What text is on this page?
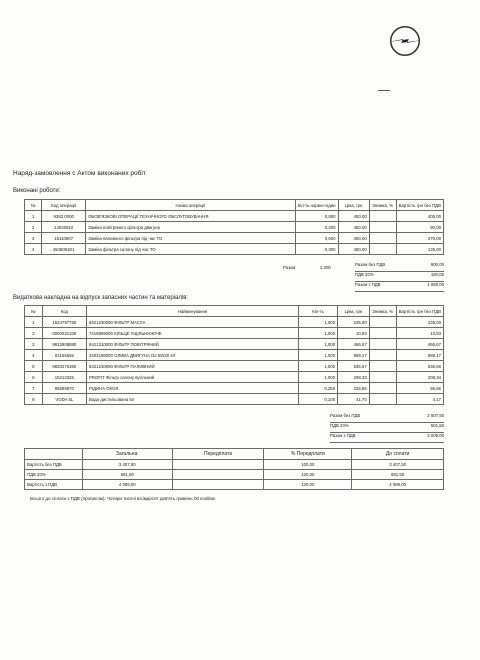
Наряд-замовлення с Актом виконаних робіт
Виконані роботи:
№	Код операції	Назва операції	Кіл-ть нормо-годин	Ціна, грн	Знижка, %	Вартість грн без ПДВ
1	9383 0000	ОБОВ'ЯЗКОВІ ОПЕРАЦІЇ ТЕХНІЧНОГО ОБСЛУГОВУВАННЯ	0,900	450,00		405,00
2	14030910	Заміна повітряного фільтра двигуна	0,200	450,00		90,00
3	15110907	Заміна паливного фільтра під час ТО	0,600	450,00		270,00
4	4945091E1	Заміна фільтра салону під час ТО	0,300	450,00		135,00
Разом	2,000
Разом без ПДВ	900,00
ПДВ 20%	180,00
Разом з ПДВ	1 080,00
Видаткова накладна на відпуск запасних частин та матеріалів:
№	Код	Найменування	Кіл-ть	Ціна, грн	Знижка, %	Вартість грн без ПДВ
1	1624797780	8421230090 ФІЛЬТР МАСЛА	1,000	235,00		235,00
2	0000031336	7418999000 КІЛЬЦЕ УЩІЛЬНЮЮЧЕ	1,000	10,83		10,83
3	9813908880	8421310000 ФІЛЬТР ПОВІТРЯНИЙ	1,000	466,67		466,67
4	93165556	3403198000 ОЛИВА ДВИГУНА D2 5W30 4Л	1,000	989,17		989,17
5	9820276380	8421230090 ФІЛЬТР ПАЛИВНИЙ	1,000	536,67		536,66
6	15212325	PROFIT Фільтр салону вугільний	1,000	208,33		208,34
7	95599870	РІДИНА ОХОЛ.	0,250	226,66		56,66
8	VODA 5L	Вода дистильована 5л	0,100	41,70		4,17
Разом без ПДВ	2 507,50
ПДВ 20%	501,50
Разом з ПДВ	3 009,00
	Загальна:	Передплата	% Передплати	До сплати
Вартість без ПДВ	3 407,50		100,00	3 407,50
ПДВ 20%	681,50		100,00	681,50
Вартість з ПДВ	4 089,00		100,00	4 089,00
Всього до сплати з ПДВ (прописом): Чотири тисячі вісімдесят дев'ять гривень 00 копійок
